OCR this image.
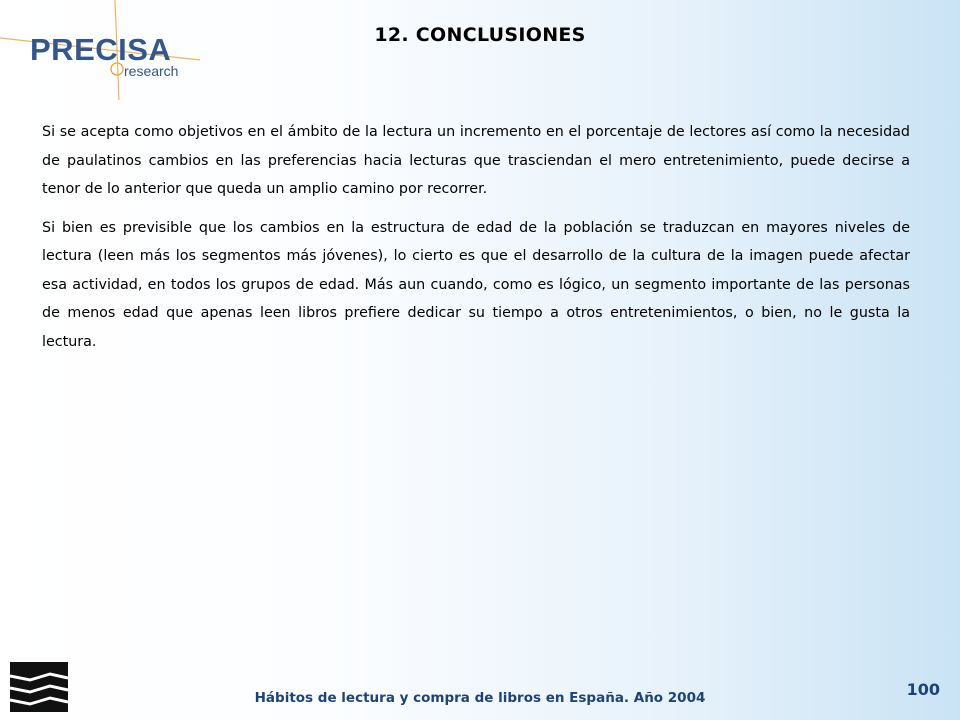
PRECISA
research
12. CONCLUSIONES

Si se acepta como objetivos en el ámbito de la lectura un incremento en el porcentaje de lectores así como la necesidad de paulatinos cambios en las preferencias hacia lecturas que trasciendan el mero entretenimiento, puede decirse a tenor de lo anterior que queda un amplio camino por recorrer.

Si bien es previsible que los cambios en la estructura de edad de la población se traduzcan en mayores niveles de lectura (leen más los segmentos más jóvenes), lo cierto es que el desarrollo de la cultura de la imagen puede afectar esa actividad, en todos los grupos de edad. Más aun cuando, como es lógico, un segmento importante de las personas de menos edad que apenas leen libros prefiere dedicar su tiempo a otros entretenimientos, o bien, no le gusta la lectura.

Hábitos de lectura y compra de libros en España. Año 2004	100
